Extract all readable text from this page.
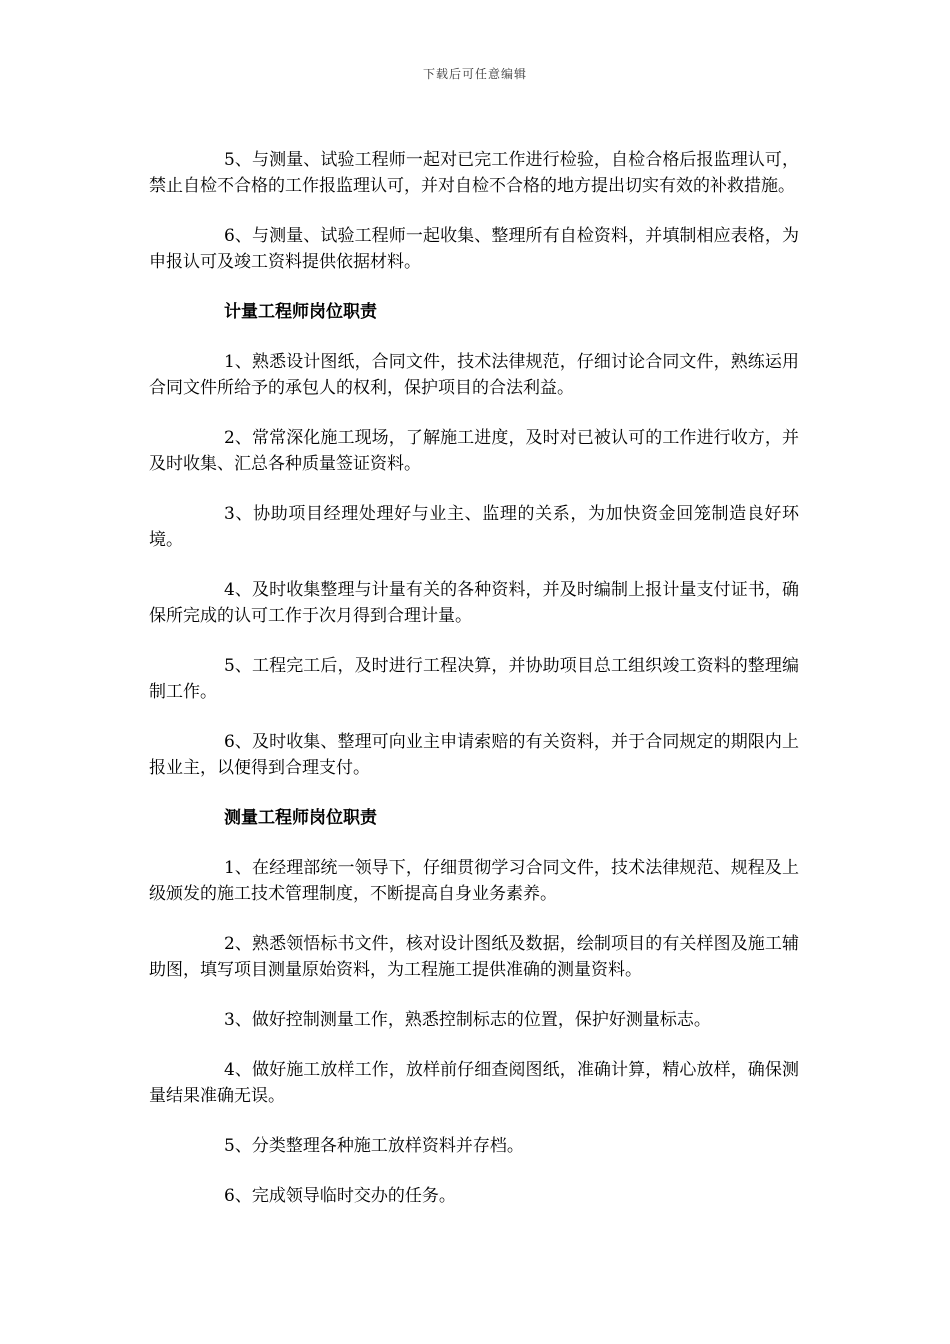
下载后可任意编辑

5、与测量、试验工程师一起对已完工作进行检验，自检合格后报监理认可，禁止自检不合格的工作报监理认可，并对自检不合格的地方提出切实有效的补救措施。

6、与测量、试验工程师一起收集、整理所有自检资料，并填制相应表格，为申报认可及竣工资料提供依据材料。

计量工程师岗位职责

1、熟悉设计图纸，合同文件，技术法律规范，仔细讨论合同文件，熟练运用合同文件所给予的承包人的权利，保护项目的合法利益。

2、常常深化施工现场，了解施工进度，及时对已被认可的工作进行收方，并及时收集、汇总各种质量签证资料。

3、协助项目经理处理好与业主、监理的关系，为加快资金回笼制造良好环境。

4、及时收集整理与计量有关的各种资料，并及时编制上报计量支付证书，确保所完成的认可工作于次月得到合理计量。

5、工程完工后，及时进行工程决算，并协助项目总工组织竣工资料的整理编制工作。

6、及时收集、整理可向业主申请索赔的有关资料，并于合同规定的期限内上报业主，以便得到合理支付。

测量工程师岗位职责

1、在经理部统一领导下，仔细贯彻学习合同文件，技术法律规范、规程及上级颁发的施工技术管理制度，不断提高自身业务素养。

2、熟悉领悟标书文件，核对设计图纸及数据，绘制项目的有关样图及施工辅助图，填写项目测量原始资料，为工程施工提供准确的测量资料。

3、做好控制测量工作，熟悉控制标志的位置，保护好测量标志。

4、做好施工放样工作，放样前仔细查阅图纸，准确计算，精心放样，确保测量结果准确无误。

5、分类整理各种施工放样资料并存档。

6、完成领导临时交办的任务。
